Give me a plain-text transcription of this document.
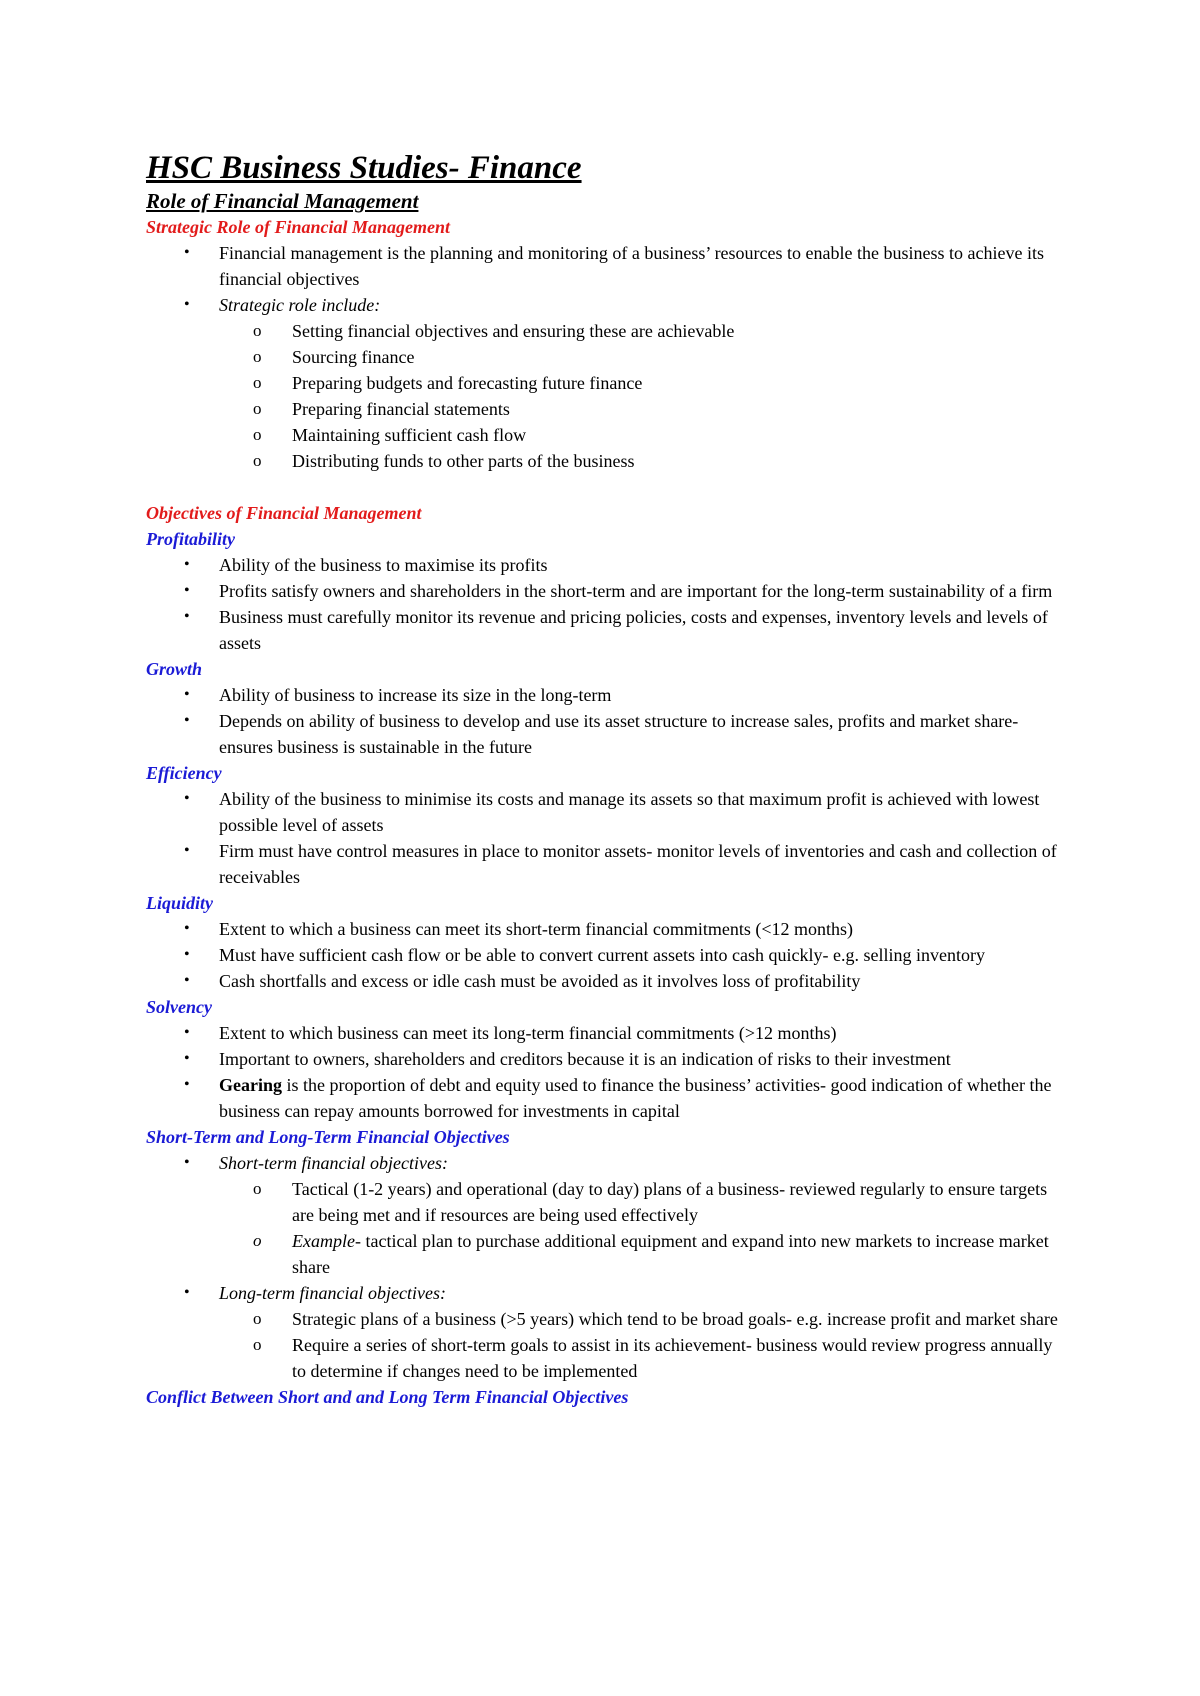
HSC Business Studies- Finance
Role of Financial Management
Strategic Role of Financial Management
• Financial management is the planning and monitoring of a business’ resources to enable the business to achieve its financial objectives
• Strategic role include:
o Setting financial objectives and ensuring these are achievable
o Sourcing finance
o Preparing budgets and forecasting future finance
o Preparing financial statements
o Maintaining sufficient cash flow
o Distributing funds to other parts of the business
Objectives of Financial Management
Profitability
• Ability of the business to maximise its profits
• Profits satisfy owners and shareholders in the short-term and are important for the long-term sustainability of a firm
• Business must carefully monitor its revenue and pricing policies, costs and expenses, inventory levels and levels of assets
Growth
• Ability of business to increase its size in the long-term
• Depends on ability of business to develop and use its asset structure to increase sales, profits and market share- ensures business is sustainable in the future
Efficiency
• Ability of the business to minimise its costs and manage its assets so that maximum profit is achieved with lowest possible level of assets
• Firm must have control measures in place to monitor assets- monitor levels of inventories and cash and collection of receivables
Liquidity
• Extent to which a business can meet its short-term financial commitments (<12 months)
• Must have sufficient cash flow or be able to convert current assets into cash quickly- e.g. selling inventory
• Cash shortfalls and excess or idle cash must be avoided as it involves loss of profitability
Solvency
• Extent to which business can meet its long-term financial commitments (>12 months)
• Important to owners, shareholders and creditors because it is an indication of risks to their investment
• Gearing is the proportion of debt and equity used to finance the business’ activities- good indication of whether the business can repay amounts borrowed for investments in capital
Short-Term and Long-Term Financial Objectives
• Short-term financial objectives:
o Tactical (1-2 years) and operational (day to day) plans of a business- reviewed regularly to ensure targets are being met and if resources are being used effectively
o Example- tactical plan to purchase additional equipment and expand into new markets to increase market share
• Long-term financial objectives:
o Strategic plans of a business (>5 years) which tend to be broad goals- e.g. increase profit and market share
o Require a series of short-term goals to assist in its achievement- business would review progress annually to determine if changes need to be implemented
Conflict Between Short and and Long Term Financial Objectives
